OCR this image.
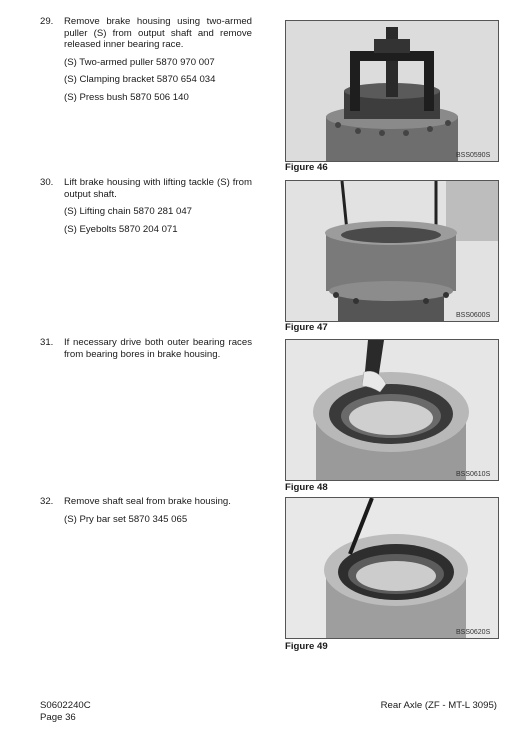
29.	Remove brake housing using two-armed puller (S) from output shaft and remove released inner bearing race.
(S) Two-armed puller 5870 970 007
(S) Clamping bracket 5870 654 034
(S) Press bush 5870 506 140
30.	Lift brake housing with lifting tackle (S) from output shaft.
(S) Lifting chain 5870 281 047
(S) Eyebolts 5870 204 071
31.	If necessary drive both outer bearing races from bearing bores in brake housing.
32.	Remove shaft seal from brake housing.
(S) Pry bar set 5870 345 065
BSS0590S
Figure 46
BSS0600S
Figure 47
BSS0610S
Figure 48
BSS0620S
Figure 49
S0602240C
Page 36
Rear Axle (ZF - MT-L 3095)
